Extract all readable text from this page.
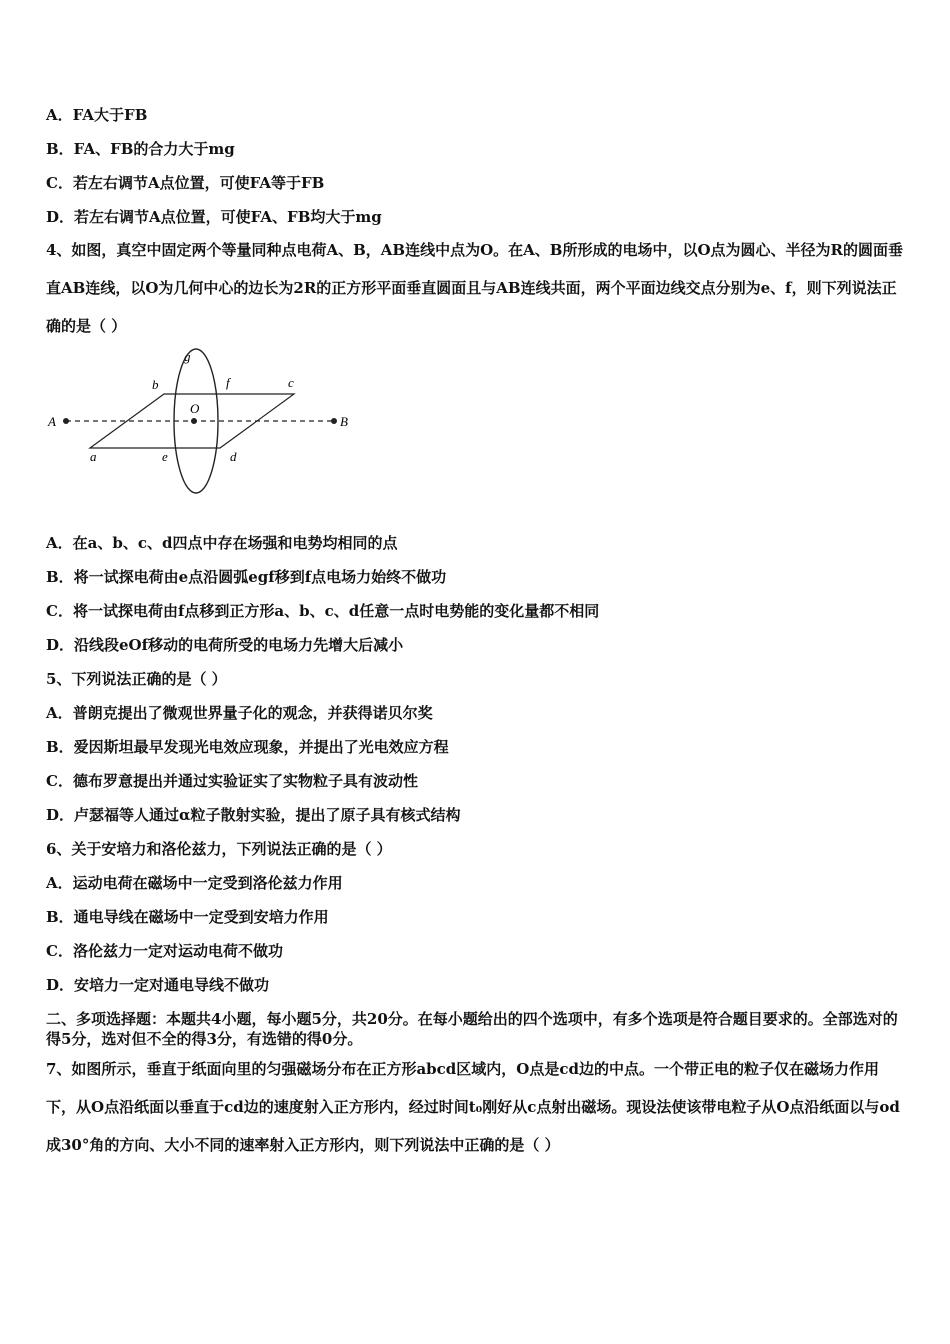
A．FA大于FB
B．FA、FB的合力大于mg
C．若左右调节A点位置，可使FA等于FB
D．若左右调节A点位置，可使FA、FB均大于mg
4、如图，真空中固定两个等量同种点电荷A、B，AB连线中点为O。在A、B所形成的电场中，以O点为圆心、半径为R的圆面垂直AB连线，以O为几何中心的边长为2R的正方形平面垂直圆面且与AB连线共面，两个平面边线交点分别为e、f，则下列说法正确的是（ ）
g
b	f	c
A
O
B
a	e	d
A．在a、b、c、d四点中存在场强和电势均相同的点
B．将一试探电荷由e点沿圆弧egf移到f点电场力始终不做功
C．将一试探电荷由f点移到正方形a、b、c、d任意一点时电势能的变化量都不相同
D．沿线段eOf移动的电荷所受的电场力先增大后减小
5、下列说法正确的是（ ）
A．普朗克提出了微观世界量子化的观念，并获得诺贝尔奖
B．爱因斯坦最早发现光电效应现象，并提出了光电效应方程
C．德布罗意提出并通过实验证实了实物粒子具有波动性
D．卢瑟福等人通过α粒子散射实验，提出了原子具有核式结构
6、关于安培力和洛伦兹力，下列说法正确的是（ ）
A．运动电荷在磁场中一定受到洛伦兹力作用
B．通电导线在磁场中一定受到安培力作用
C．洛伦兹力一定对运动电荷不做功
D．安培力一定对通电导线不做功
二、多项选择题：本题共4小题，每小题5分，共20分。在每小题给出的四个选项中，有多个选项是符合题目要求的。全部选对的得5分，选对但不全的得3分，有选错的得0分。
7、如图所示，垂直于纸面向里的匀强磁场分布在正方形abcd区域内，O点是cd边的中点。一个带正电的粒子仅在磁场力作用下，从O点沿纸面以垂直于cd边的速度射入正方形内，经过时间t₀刚好从c点射出磁场。现设法使该带电粒子从O点沿纸面以与od成30°角的方向、大小不同的速率射入正方形内，则下列说法中正确的是（ ）
